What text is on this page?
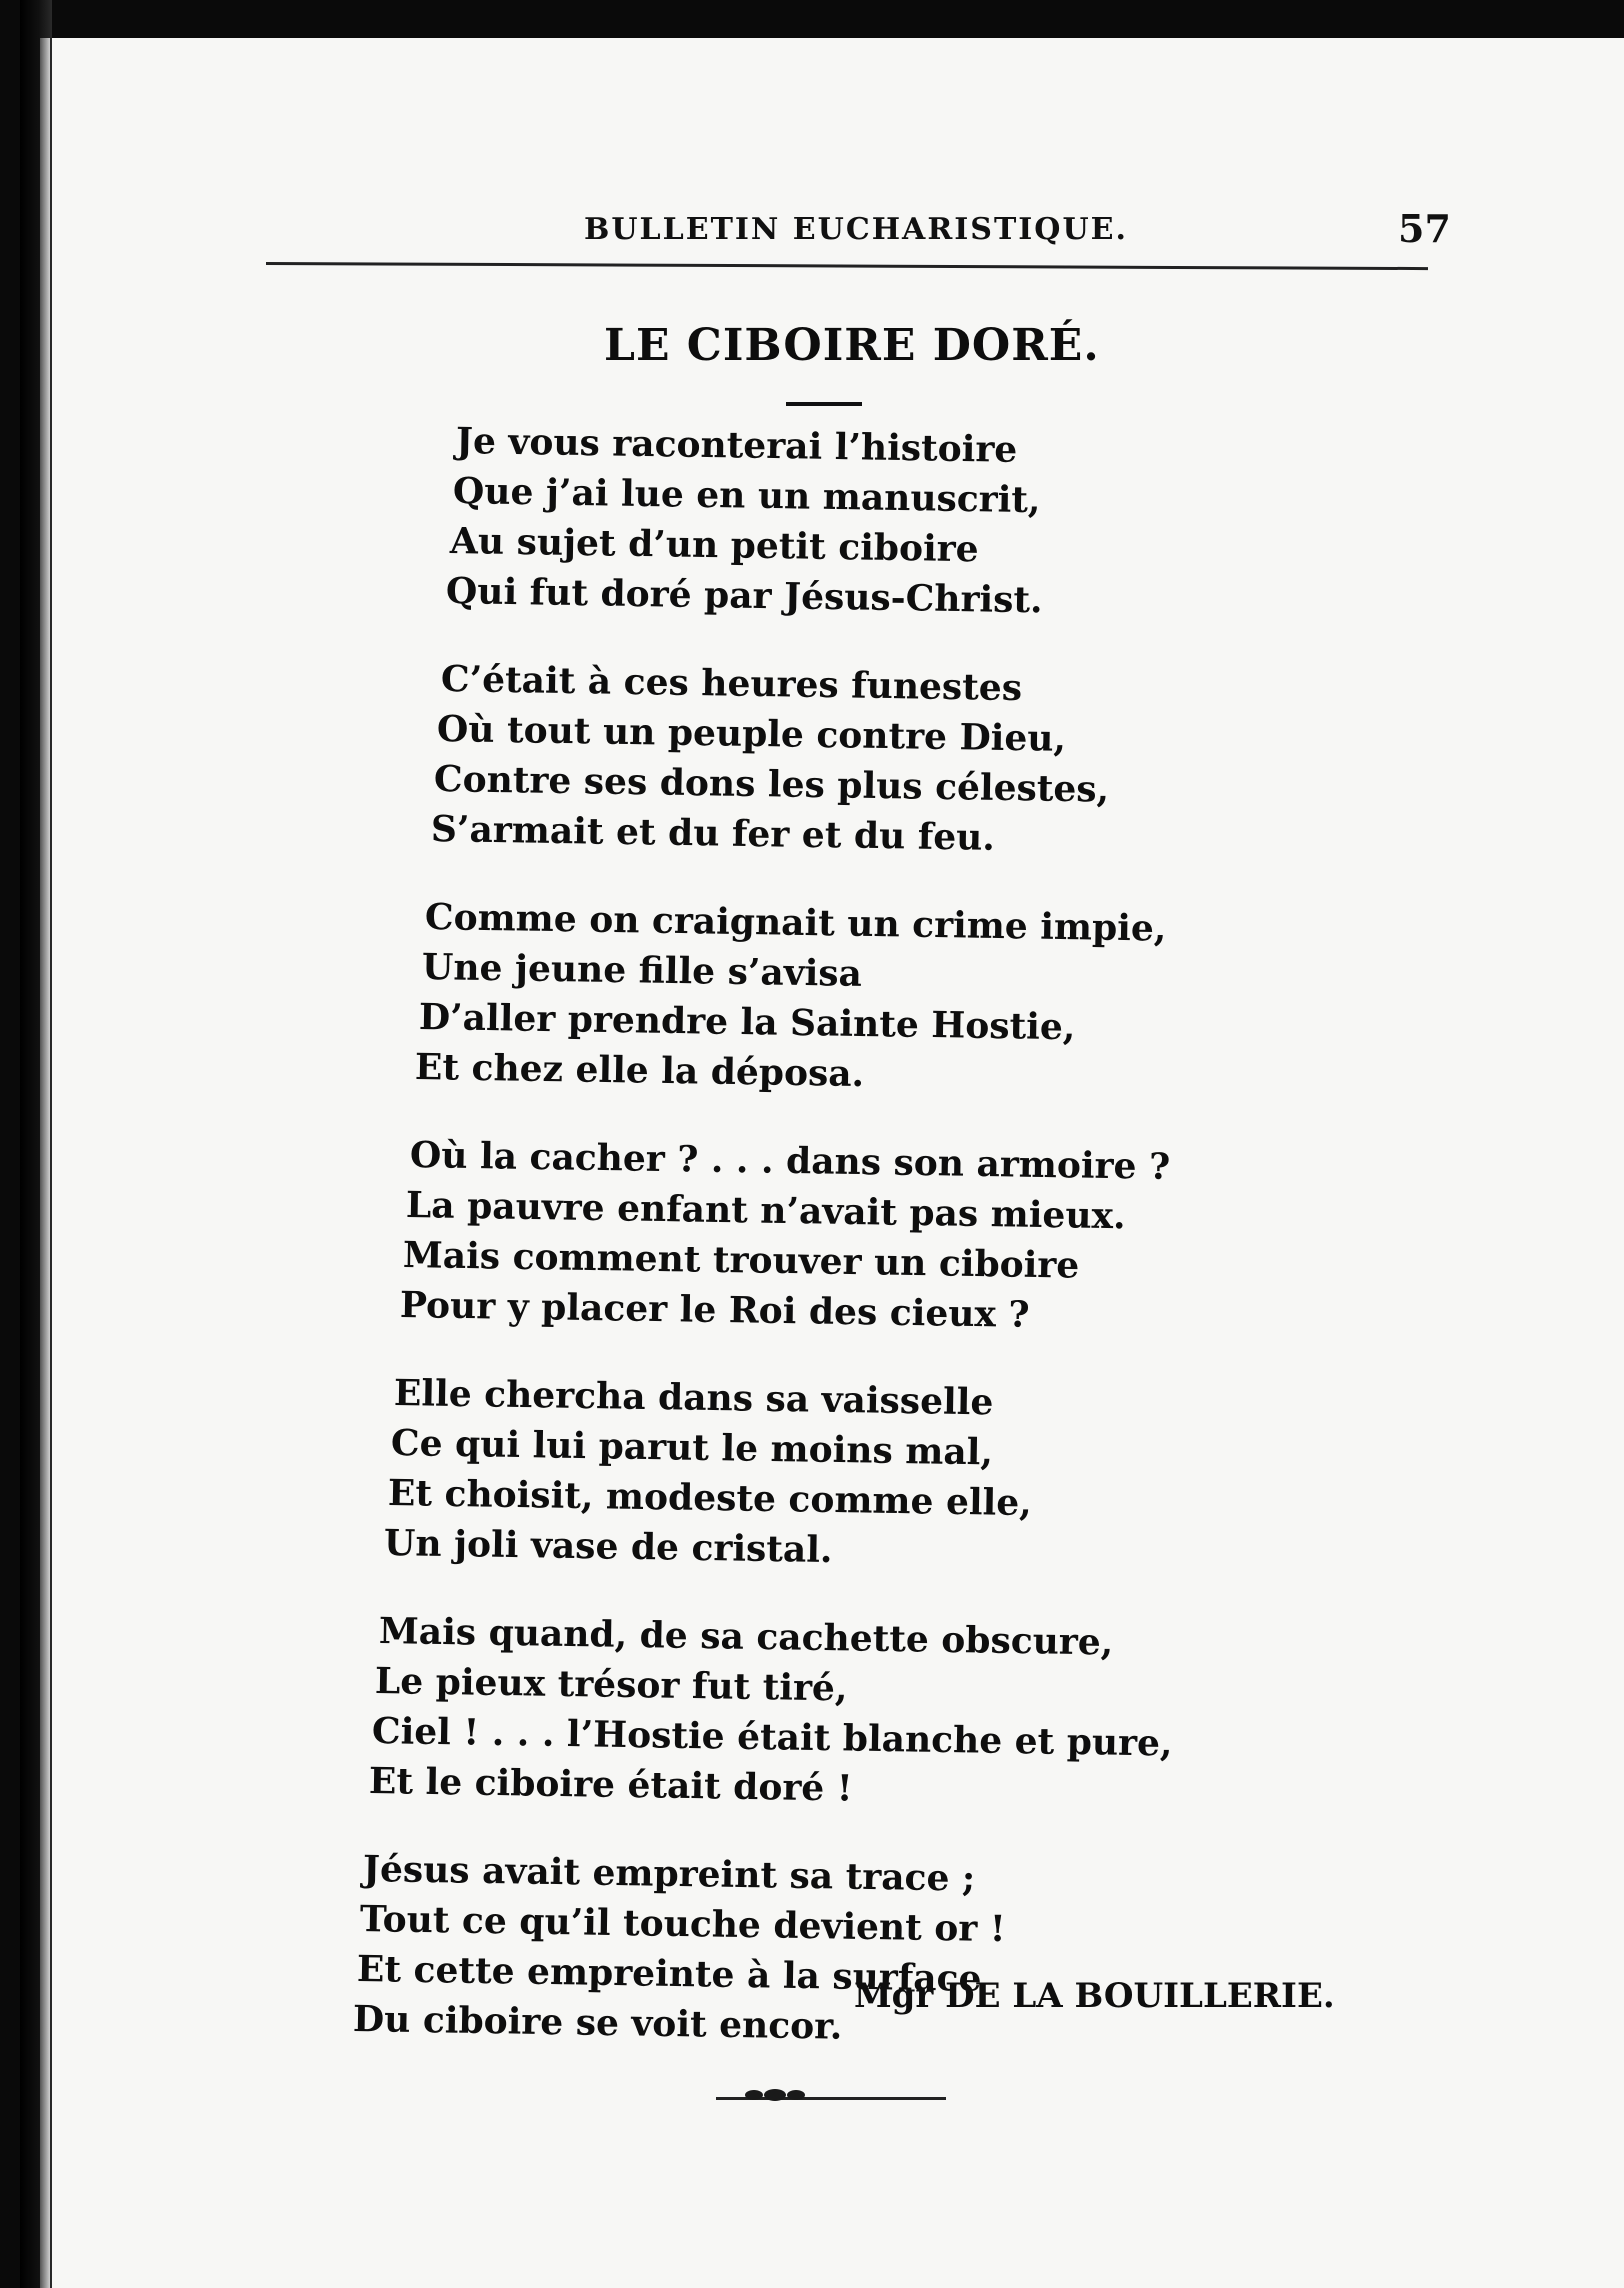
BULLETIN EUCHARISTIQUE.	57
LE CIBOIRE DORÉ.
Je vous raconterai l’histoire
Que j’ai lue en un manuscrit,
Au sujet d’un petit ciboire
Qui fut doré par Jésus-Christ.
C’était à ces heures funestes
Où tout un peuple contre Dieu,
Contre ses dons les plus célestes,
S’armait et du fer et du feu.
Comme on craignait un crime impie,
Une jeune fille s’avisa
D’aller prendre la Sainte Hostie,
Et chez elle la déposa.
Où la cacher ? . . . dans son armoire ?
La pauvre enfant n’avait pas mieux.
Mais comment trouver un ciboire
Pour y placer le Roi des cieux ?
Elle chercha dans sa vaisselle
Ce qui lui parut le moins mal,
Et choisit, modeste comme elle,
Un joli vase de cristal.
Mais quand, de sa cachette obscure,
Le pieux trésor fut tiré,
Ciel ! . . . l’Hostie était blanche et pure,
Et le ciboire était doré !
Jésus avait empreint sa trace ;
Tout ce qu’il touche devient or !
Et cette empreinte à la surface
Du ciboire se voit encor.
Mgr DE LA BOUILLERIE.
